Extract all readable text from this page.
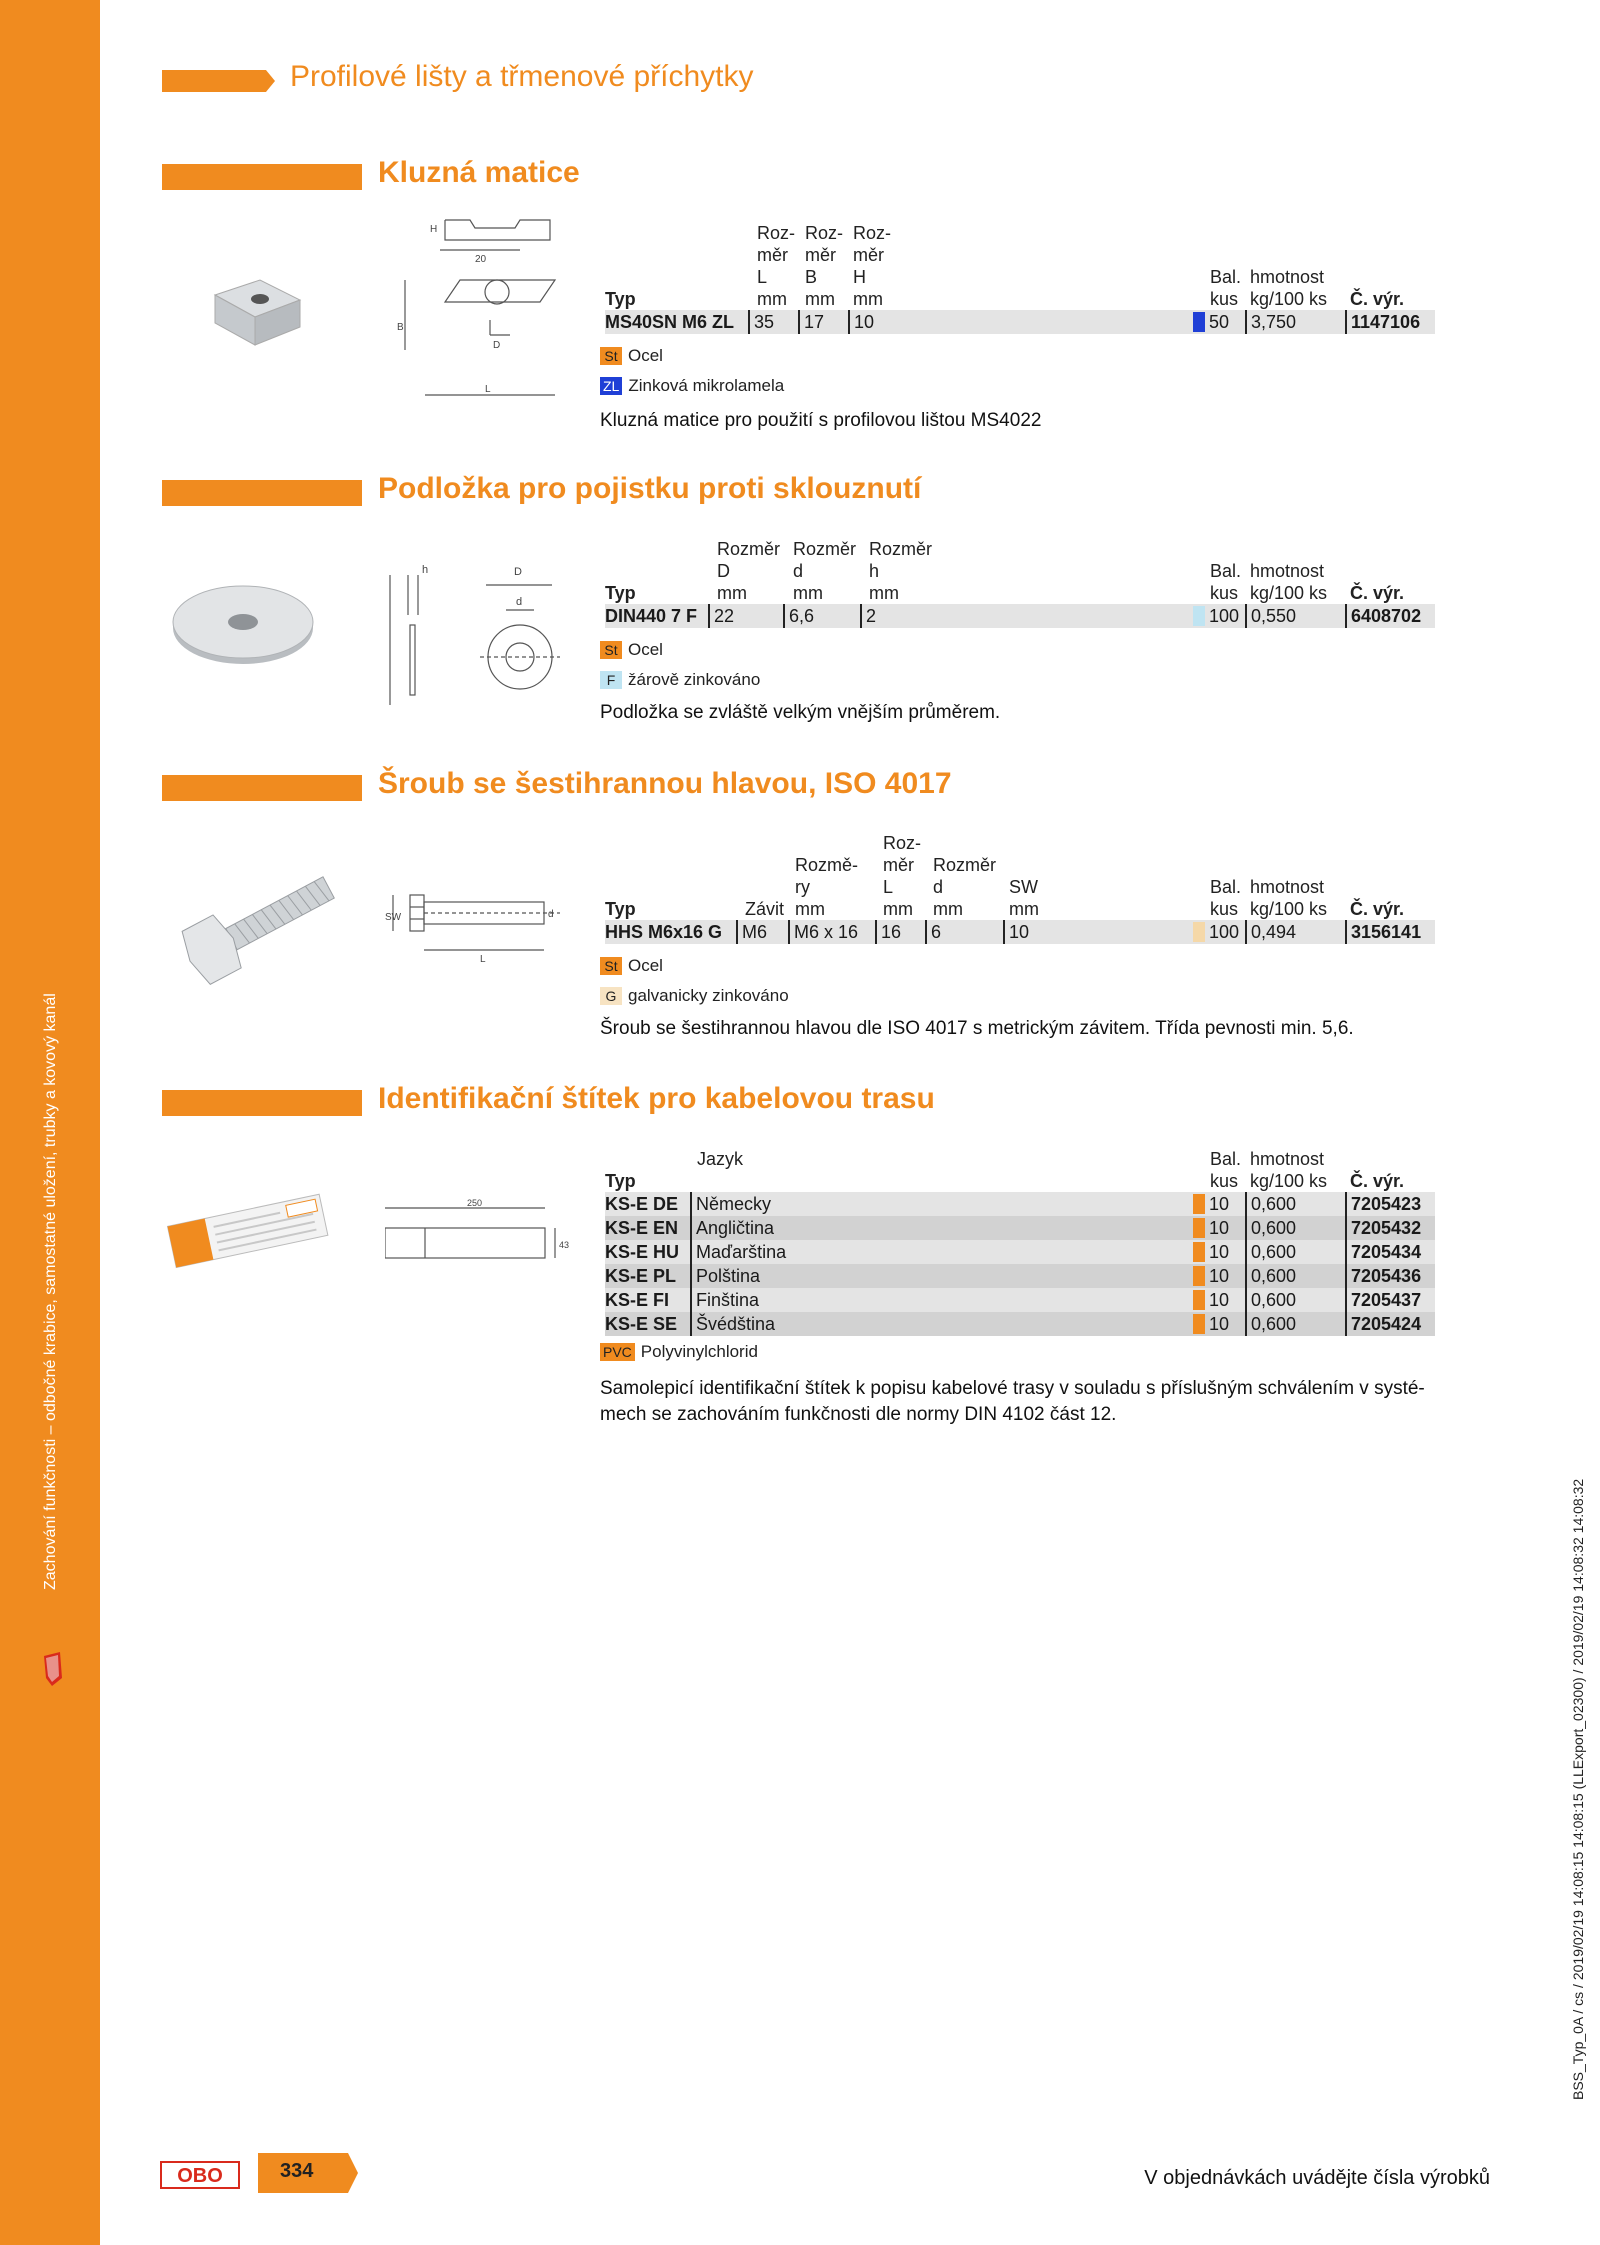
Zachování funkčnosti – odbočné krabice, samostatné uložení, trubky a kovový kanál
Profilové lišty a třmenové příchytky
Kluzná matice
H
20
D
B
L
Typ
Roz-
měr
L
mm
Roz-
měr
B
mm
Roz-
měr
H
mm
Bal.
kus
hmotnost
kg/100 ks Č. výr.
MS40SN M6 ZL	35	17	10	50	3,750	1147106
St Ocel
ZL Zinková mikrolamela
Kluzná matice pro použití s profilovou lištou MS4022
Podložka pro pojistku proti sklouznutí
h	D
d	Typ
Rozměr
D
mm
Rozměr
d
mm
Rozměr
h
mm
Bal.
kus
hmotnost
kg/100 ks Č. výr.
DIN440 7 F 22	6,6	2	100 0,550	6408702
St Ocel
F žárově zinkováno
Podložka se zvláště velkým vnějším průměrem.
Šroub se šestihrannou hlavou, ISO 4017
SW	d
L
Typ	Závit
Rozmě-
ry
mm
Roz-
měr
L
mm
Rozměr
d
mm
SW
mm
Bal.
kus
hmotnost
kg/100 ks Č. výr.
HHS M6x16 G	M6	M6 x 16	16	6	10	100 0,494	3156141
St Ocel
G galvanicky zinkováno
Šroub se šestihrannou hlavou dle ISO 4017 s metrickým závitem. Třída pevnosti min. 5,6.
Identifikační štítek pro kabelovou trasu
250
43
Typ
Jazyk	Bal.
kus
hmotnost
kg/100 ks Č. výr.
KS-E DE Německy	10	0,600	7205423
KS-E EN Angličtina	10	0,600	7205432
KS-E HU Maďarština	10	0,600	7205434
KS-E PL	Polština	10	0,600	7205436
KS-E FI	Finština	10	0,600	7205437
KS-E SE	Švédština	10	0,600	7205424
PVC Polyvinylchlorid
Samolepicí identifikační štítek k popisu kabelové trasy v souladu s příslušným schválením v systé-
mech se zachováním funkčnosti dle normy DIN 4102 část 12.
OBO	334	V objednávkách uvádějte čísla výrobků
BSS_Typ_0A / cs / 2019/02/19 14:08:15 14:08:15 (LLExport_02300) / 2019/02/19 14:08:32 14:08:32
